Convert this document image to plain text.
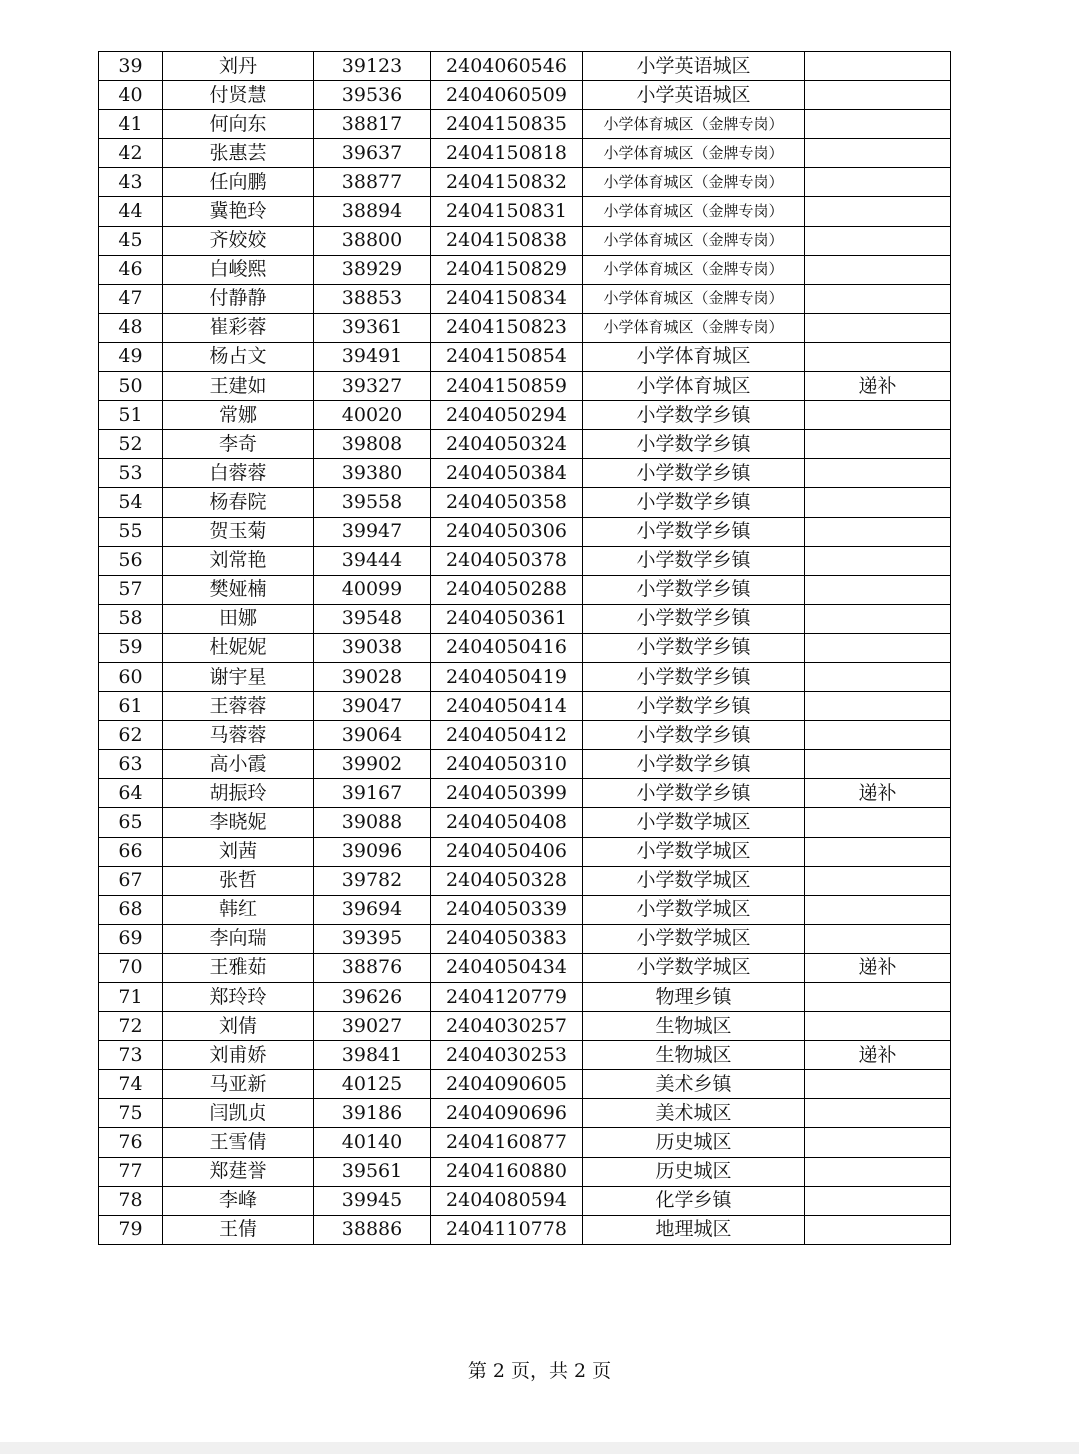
39	刘丹	39123	2404060546	小学英语城区	
40	付贤慧	39536	2404060509	小学英语城区	
41	何向东	38817	2404150835	小学体育城区（金牌专岗）	
42	张惠芸	39637	2404150818	小学体育城区（金牌专岗）	
43	任向鹏	38877	2404150832	小学体育城区（金牌专岗）	
44	冀艳玲	38894	2404150831	小学体育城区（金牌专岗）	
45	齐姣姣	38800	2404150838	小学体育城区（金牌专岗）	
46	白峻熙	38929	2404150829	小学体育城区（金牌专岗）	
47	付静静	38853	2404150834	小学体育城区（金牌专岗）	
48	崔彩蓉	39361	2404150823	小学体育城区（金牌专岗）	
49	杨占文	39491	2404150854	小学体育城区	
50	王建如	39327	2404150859	小学体育城区	递补
51	常娜	40020	2404050294	小学数学乡镇	
52	李奇	39808	2404050324	小学数学乡镇	
53	白蓉蓉	39380	2404050384	小学数学乡镇	
54	杨春院	39558	2404050358	小学数学乡镇	
55	贺玉菊	39947	2404050306	小学数学乡镇	
56	刘常艳	39444	2404050378	小学数学乡镇	
57	樊娅楠	40099	2404050288	小学数学乡镇	
58	田娜	39548	2404050361	小学数学乡镇	
59	杜妮妮	39038	2404050416	小学数学乡镇	
60	谢宇星	39028	2404050419	小学数学乡镇	
61	王蓉蓉	39047	2404050414	小学数学乡镇	
62	马蓉蓉	39064	2404050412	小学数学乡镇	
63	高小霞	39902	2404050310	小学数学乡镇	
64	胡振玲	39167	2404050399	小学数学乡镇	递补
65	李晓妮	39088	2404050408	小学数学城区	
66	刘茜	39096	2404050406	小学数学城区	
67	张哲	39782	2404050328	小学数学城区	
68	韩红	39694	2404050339	小学数学城区	
69	李向瑞	39395	2404050383	小学数学城区	
70	王雅茹	38876	2404050434	小学数学城区	递补
71	郑玲玲	39626	2404120779	物理乡镇	
72	刘倩	39027	2404030257	生物城区	
73	刘甫娇	39841	2404030253	生物城区	递补
74	马亚新	40125	2404090605	美术乡镇	
75	闫凯贞	39186	2404090696	美术城区	
76	王雪倩	40140	2404160877	历史城区	
77	郑莛誉	39561	2404160880	历史城区	
78	李峰	39945	2404080594	化学乡镇	
79	王倩	38886	2404110778	地理城区	
第 2 页，共 2 页
